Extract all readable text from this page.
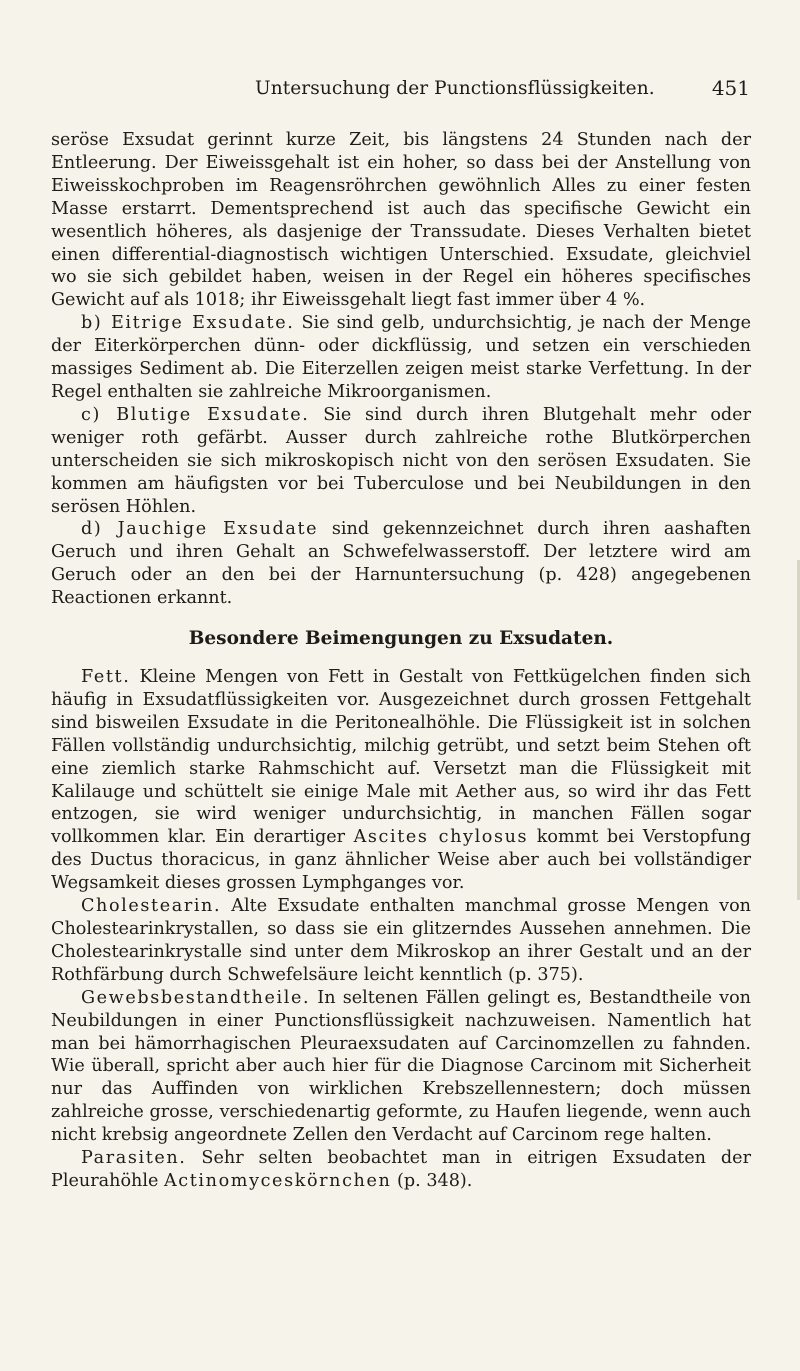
Untersuchung der Punctionsflüssigkeiten.	451

seröse Exsudat gerinnt kurze Zeit, bis längstens 24 Stunden nach der Entleerung. Der Eiweissgehalt ist ein hoher, so dass bei der Anstellung von Eiweisskochproben im Reagensröhrchen gewöhnlich Alles zu einer festen Masse erstarrt. Dementsprechend ist auch das specifische Gewicht ein wesentlich höheres, als dasjenige der Transsudate. Dieses Verhalten bietet einen differential-diagnostisch wichtigen Unterschied. Exsudate, gleichviel wo sie sich gebildet haben, weisen in der Regel ein höheres specifisches Gewicht auf als 1018; ihr Eiweissgehalt liegt fast immer über 4 %.

b) Eitrige Exsudate. Sie sind gelb, undurchsichtig, je nach der Menge der Eiterkörperchen dünn- oder dickflüssig, und setzen ein verschieden massiges Sediment ab. Die Eiterzellen zeigen meist starke Verfettung. In der Regel enthalten sie zahlreiche Mikroorganismen.

c) Blutige Exsudate. Sie sind durch ihren Blutgehalt mehr oder weniger roth gefärbt. Ausser durch zahlreiche rothe Blutkörperchen unterscheiden sie sich mikroskopisch nicht von den serösen Exsudaten. Sie kommen am häufigsten vor bei Tuberculose und bei Neubildungen in den serösen Höhlen.

d) Jauchige Exsudate sind gekennzeichnet durch ihren aashaften Geruch und ihren Gehalt an Schwefelwasserstoff. Der letztere wird am Geruch oder an den bei der Harnuntersuchung (p. 428) angegebenen Reactionen erkannt.

Besondere Beimengungen zu Exsudaten.

Fett. Kleine Mengen von Fett in Gestalt von Fettkügelchen finden sich häufig in Exsudatflüssigkeiten vor. Ausgezeichnet durch grossen Fettgehalt sind bisweilen Exsudate in die Peritonealhöhle. Die Flüssigkeit ist in solchen Fällen vollständig undurchsichtig, milchig getrübt, und setzt beim Stehen oft eine ziemlich starke Rahmschicht auf. Versetzt man die Flüssigkeit mit Kalilauge und schüttelt sie einige Male mit Aether aus, so wird ihr das Fett entzogen, sie wird weniger undurchsichtig, in manchen Fällen sogar vollkommen klar. Ein derartiger Ascites chylosus kommt bei Verstopfung des Ductus thoracicus, in ganz ähnlicher Weise aber auch bei vollständiger Wegsamkeit dieses grossen Lymphganges vor.

Cholestearin. Alte Exsudate enthalten manchmal grosse Mengen von Cholestearinkrystallen, so dass sie ein glitzerndes Aussehen annehmen. Die Cholestearinkrystalle sind unter dem Mikroskop an ihrer Gestalt und an der Rothfärbung durch Schwefelsäure leicht kenntlich (p. 375).

Gewebsbestandtheile. In seltenen Fällen gelingt es, Bestandtheile von Neubildungen in einer Punctionsflüssigkeit nachzuweisen. Namentlich hat man bei hämorrhagischen Pleuraexsudaten auf Carcinomzellen zu fahnden. Wie überall, spricht aber auch hier für die Diagnose Carcinom mit Sicherheit nur das Auffinden von wirklichen Krebszellennestern; doch müssen zahlreiche grosse, verschiedenartig geformte, zu Haufen liegende, wenn auch nicht krebsig angeordnete Zellen den Verdacht auf Carcinom rege halten.

Parasiten. Sehr selten beobachtet man in eitrigen Exsudaten der Pleurahöhle Actinomyceskörnchen (p. 348).
